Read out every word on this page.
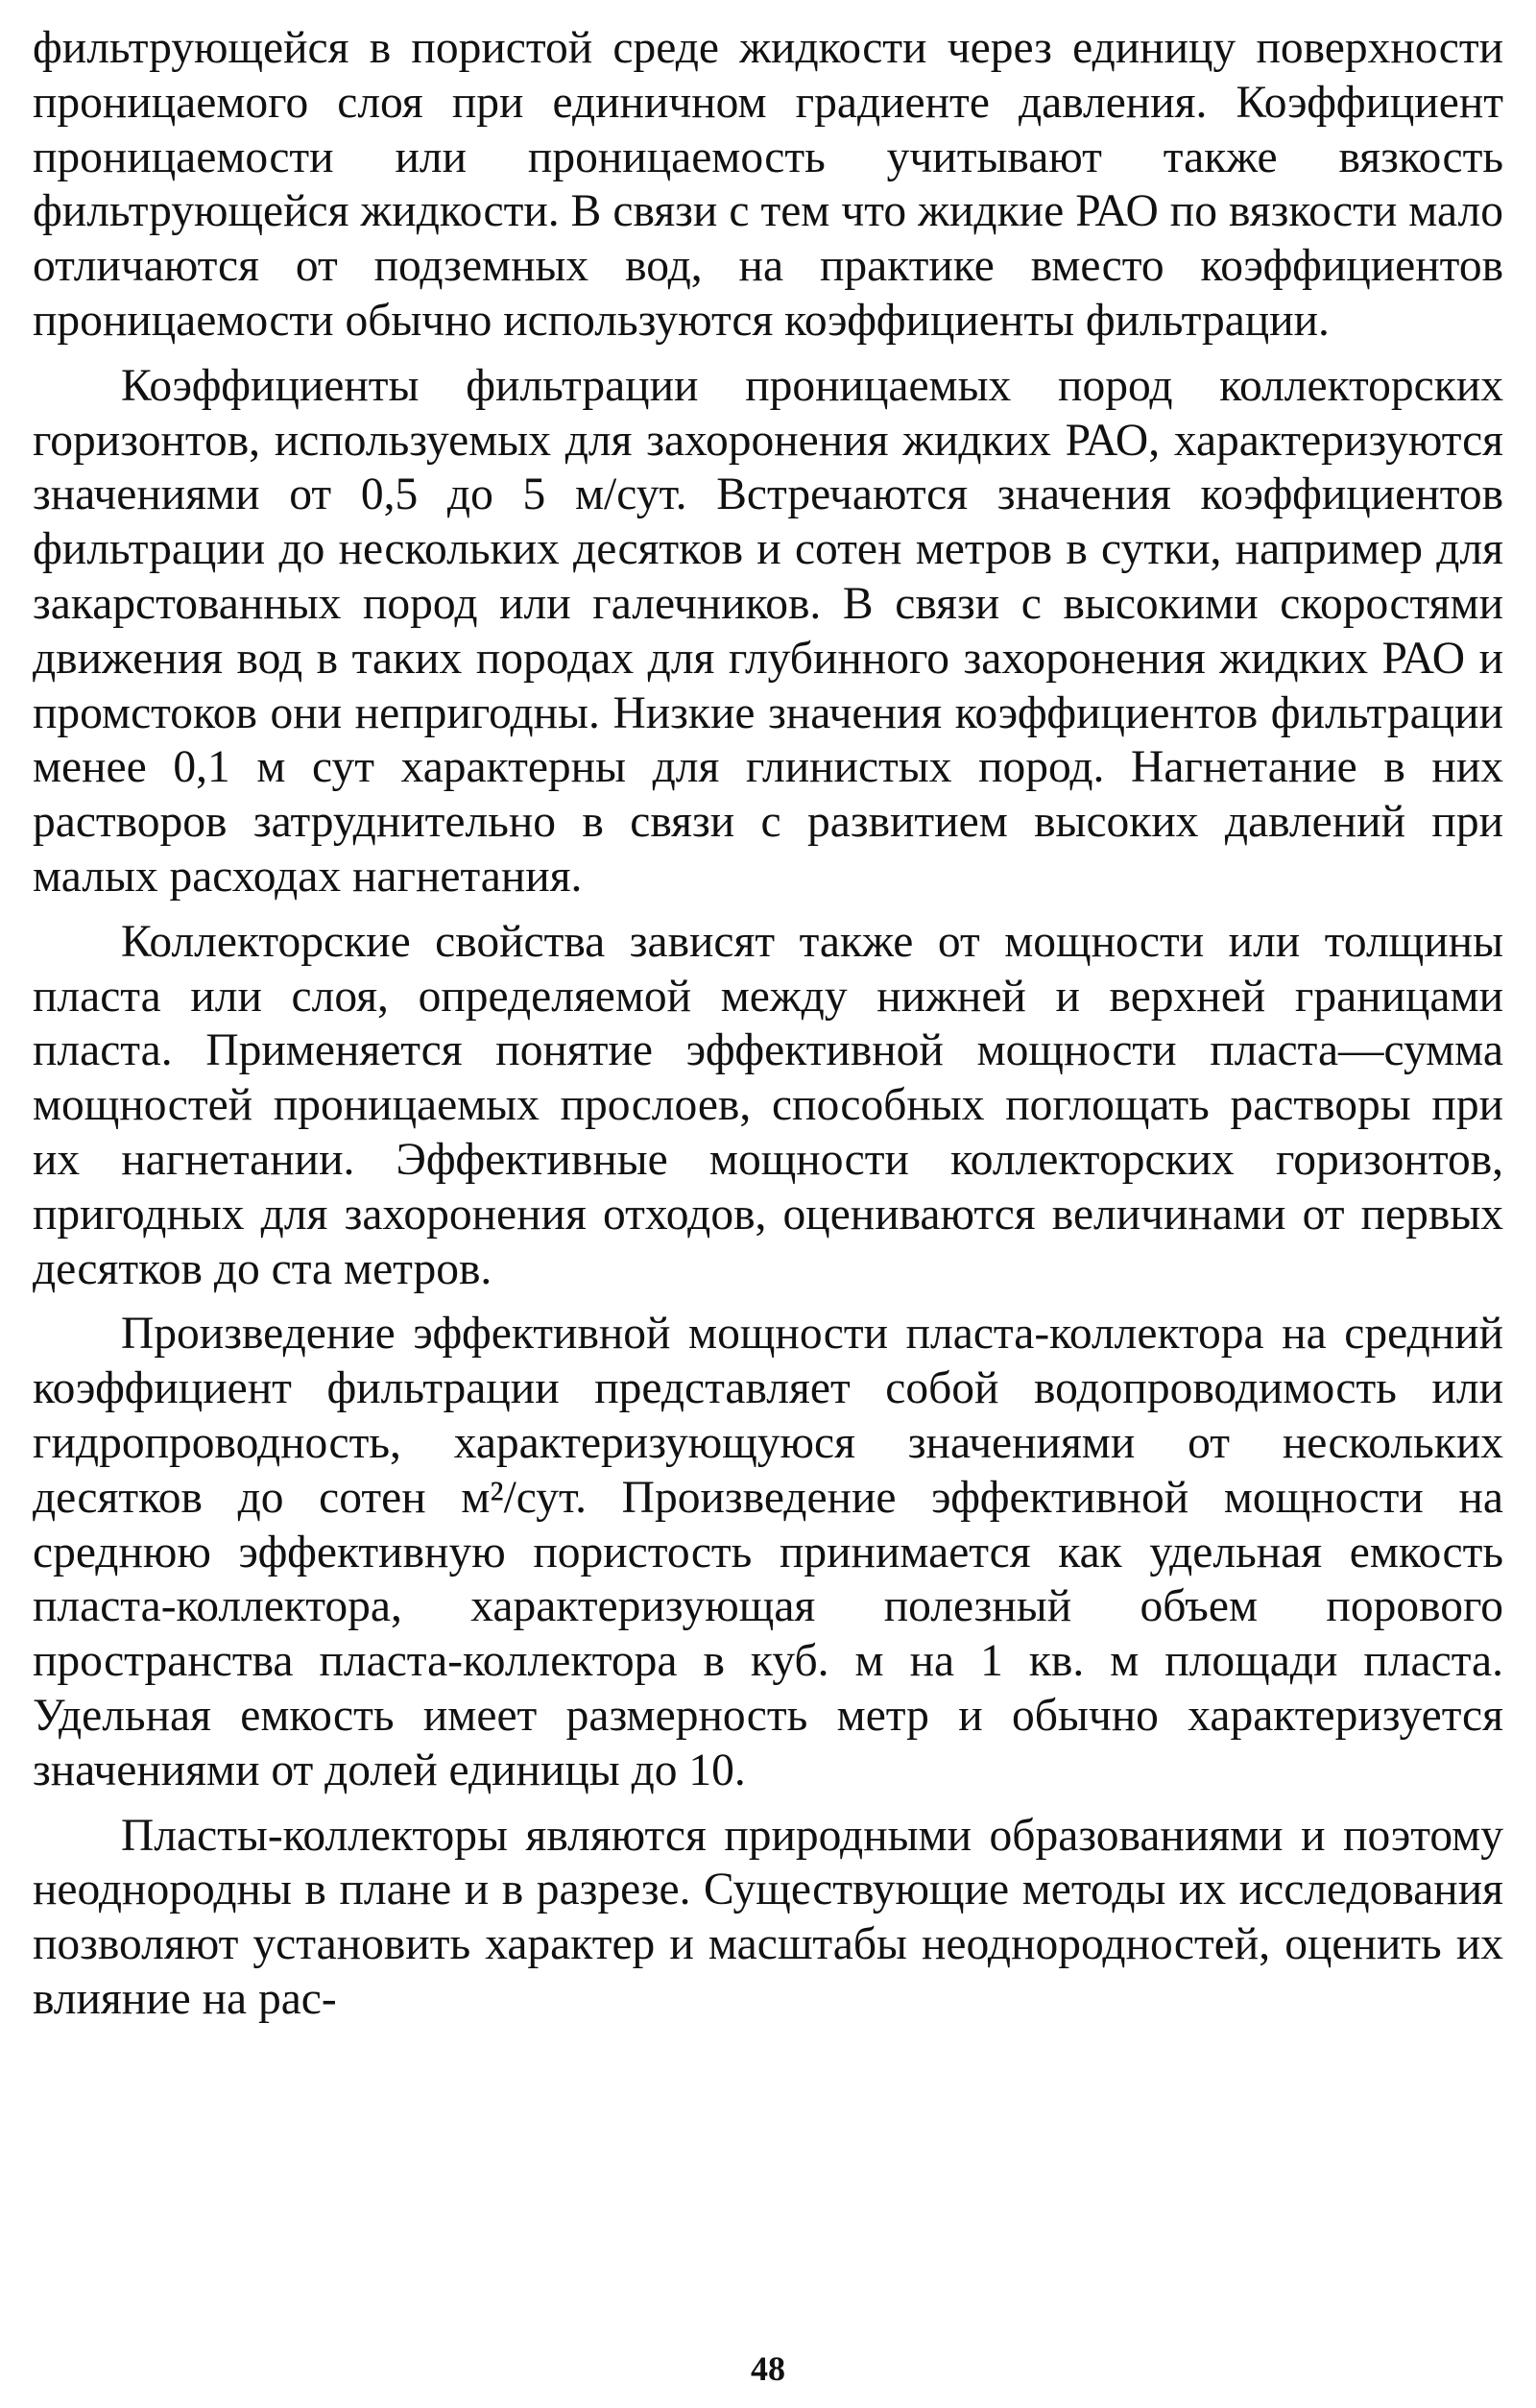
фильтрующейся в пористой среде жидкости через единицу поверхности проницаемого слоя при единичном градиенте давления. Коэффициент проницаемости или проницаемость учитывают также вязкость фильтрующейся жидкости. В связи с тем что жидкие РАО по вязкости мало отличаются от подземных вод, на практике вместо коэффициентов проницаемости обычно используются коэффициенты фильтрации.

Коэффициенты фильтрации проницаемых пород коллекторских горизонтов, используемых для захоронения жидких РАО, характеризуются значениями от 0,5 до 5 м/сут. Встречаются значения коэффициентов фильтрации до нескольких десятков и сотен метров в сутки, например для закарстованных пород или галечников. В связи с высокими скоростями движения вод в таких породах для глубинного захоронения жидких РАО и промстоков они непригодны. Низкие значения коэффициентов фильтрации менее 0,1 м сут характерны для глинистых пород. Нагнетание в них растворов затруднительно в связи с развитием высоких давлений при малых расходах нагнетания.

Коллекторские свойства зависят также от мощности или толщины пласта или слоя, определяемой между нижней и верхней границами пласта. Применяется понятие эффективной мощности пласта—сумма мощностей проницаемых прослоев, способных поглощать растворы при их нагнетании. Эффективные мощности коллекторских горизонтов, пригодных для захоронения отходов, оцениваются величинами от первых десятков до ста метров.

Произведение эффективной мощности пласта-коллектора на средний коэффициент фильтрации представляет собой водопроводимость или гидропроводность, характеризующуюся значениями от нескольких десятков до сотен м²/сут. Произведение эффективной мощности на среднюю эффективную пористость принимается как удельная емкость пласта-коллектора, характеризующая полезный объем порового пространства пласта-коллектора в куб. м на 1 кв. м площади пласта. Удельная емкость имеет размерность метр и обычно характеризуется значениями от долей единицы до 10.

Пласты-коллекторы являются природными образованиями и поэтому неоднородны в плане и в разрезе. Существующие методы их исследования позволяют установить характер и масштабы неоднородностей, оценить их влияние на рас-

48
